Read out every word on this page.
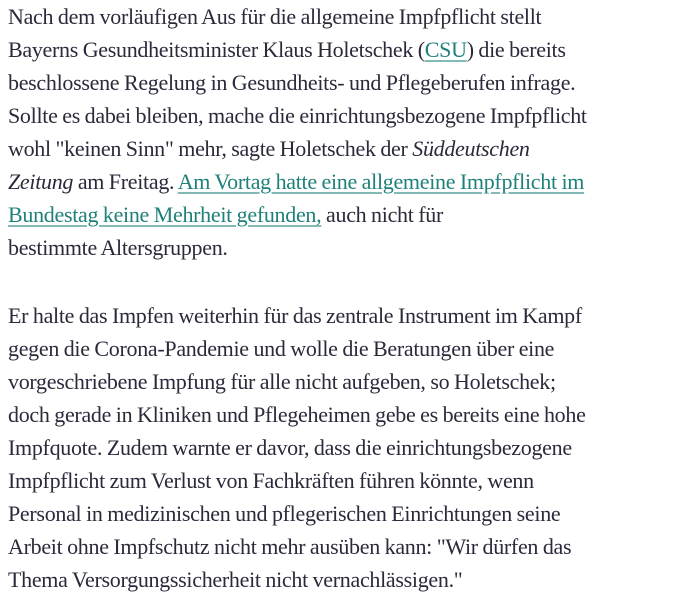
Nach dem vorläufigen Aus für die allgemeine Impfpflicht stellt
Bayerns Gesundheitsminister Klaus Holetschek (CSU) die bereits
beschlossene Regelung in Gesundheits- und Pflegeberufen infrage.
Sollte es dabei bleiben, mache die einrichtungsbezogene Impfpflicht
wohl "keinen Sinn" mehr, sagte Holetschek der Süddeutschen
Zeitung am Freitag. Am Vortag hatte eine allgemeine Impfpflicht im
Bundestag keine Mehrheit gefunden, auch nicht für
bestimmte Altersgruppen.

Er halte das Impfen weiterhin für das zentrale Instrument im Kampf
gegen die Corona-Pandemie und wolle die Beratungen über eine
vorgeschriebene Impfung für alle nicht aufgeben, so Holetschek;
doch gerade in Kliniken und Pflegeheimen gebe es bereits eine hohe
Impfquote. Zudem warnte er davor, dass die einrichtungsbezogene
Impfpflicht zum Verlust von Fachkräften führen könnte, wenn
Personal in medizinischen und pflegerischen Einrichtungen seine
Arbeit ohne Impfschutz nicht mehr ausüben kann: "Wir dürfen das
Thema Versorgungssicherheit nicht vernachlässigen."
